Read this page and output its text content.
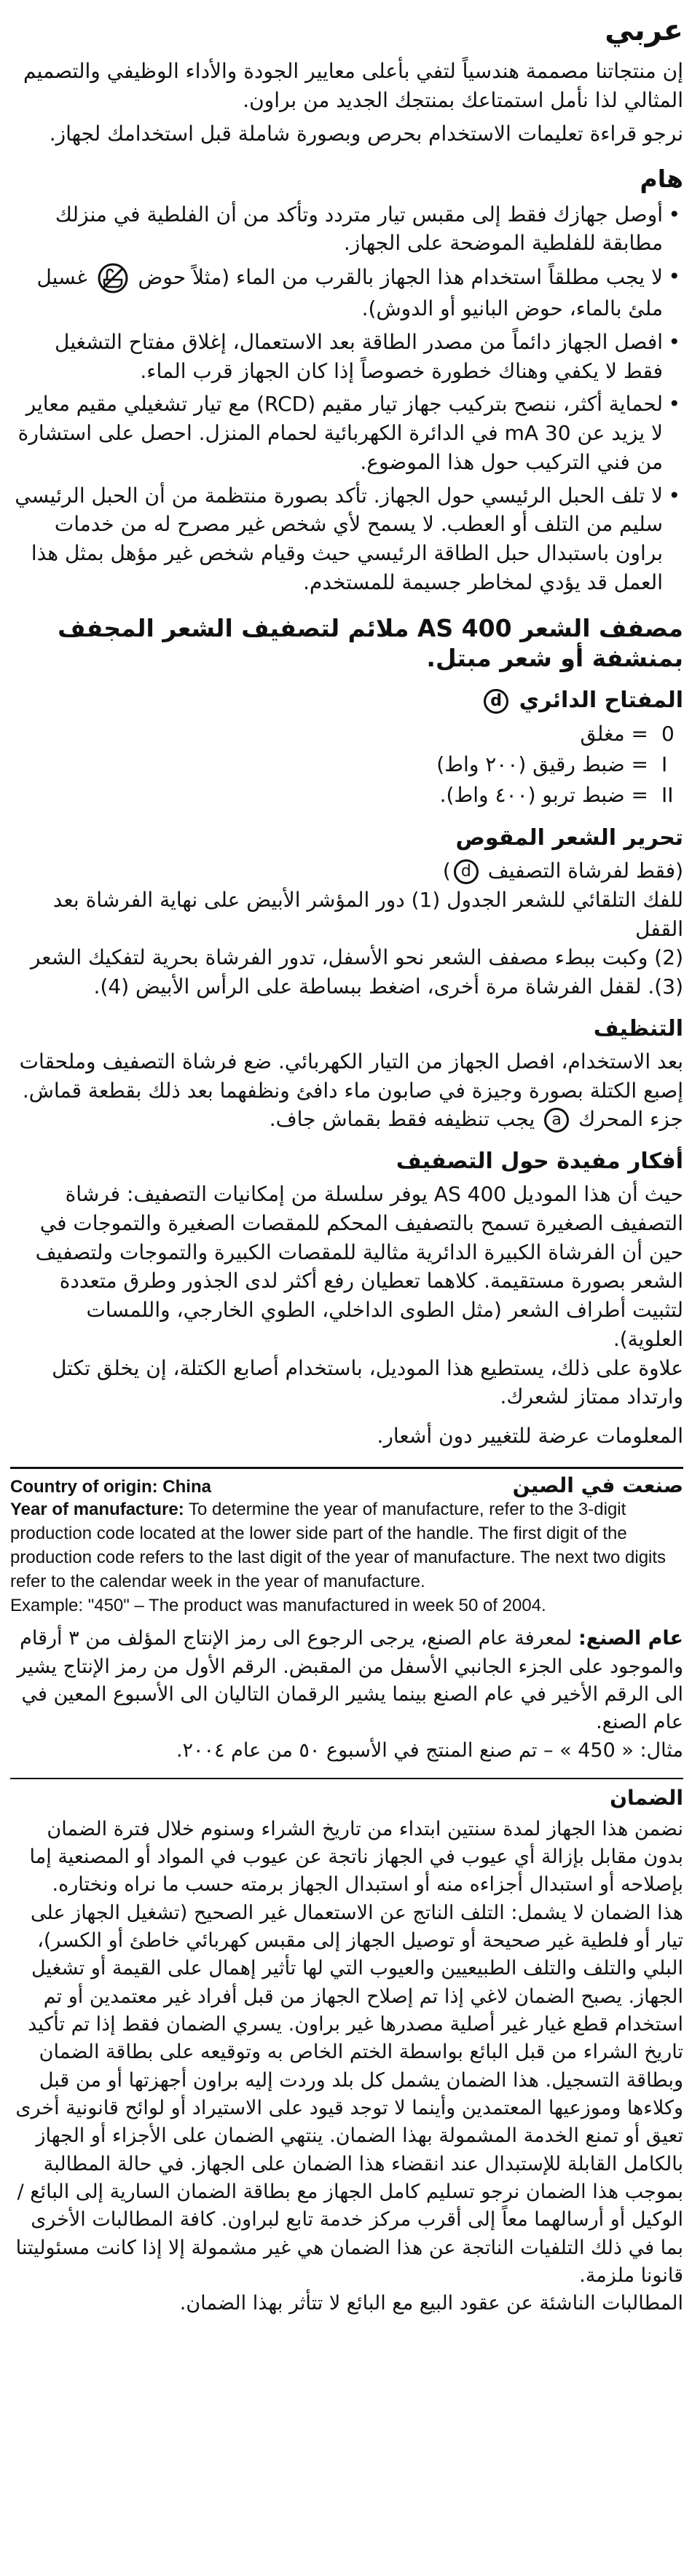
عربي

إن منتجاتنا مصممة هندسياً لتفي بأعلى معايير الجودة والأداء الوظيفي والتصميم المثالي لذا نأمل استمتاعك بمنتجك الجديد من براون.

نرجو قراءة تعليمات الاستخدام بحرص وبصورة شاملة قبل استخدامك لجهاز.

هام
• أوصل جهازك فقط إلى مقبس تيار متردد وتأكد من أن الفلطية في منزلك مطابقة للفلطية الموضحة على الجهاز.
• لا يجب مطلقاً استخدام هذا الجهاز بالقرب من الماء (مثلاً حوض  غسيل ملئ بالماء، حوض البانيو أو الدوش).
• افصل الجهاز دائماً من مصدر الطاقة بعد الاستعمال، إغلاق مفتاح التشغيل فقط لا يكفي وهناك خطورة خصوصاً إذا كان الجهاز قرب الماء.
• لحماية أكثر، ننصح بتركيب جهاز تيار مقيم (RCD) مع تيار تشغيلي مقيم معاير لا يزيد عن 30 mA في الدائرة الكهربائية لحمام المنزل. احصل على استشارة من فني التركيب حول هذا الموضوع.
• لا تلف الحبل الرئيسي حول الجهاز. تأكد بصورة منتظمة من أن الحبل الرئيسي سليم من التلف أو العطب. لا يسمح لأي شخص غير مصرح له من خدمات براون باستبدال حبل الطاقة الرئيسي حيث وقيام شخص غير مؤهل بمثل هذا العمل قد يؤدي لمخاطر جسيمة للمستخدم.
مصفف الشعر AS 400 ملائم لتصفيف الشعر المجفف بمنشفة أو شعر مبتل.
المفتاح الدائري d
0
= مغلق
I
= ضبط رقيق (٢٠٠ واط)
II
= ضبط تربو (٤٠٠ واط).
تحرير الشعر المقوص

(فقط لفرشاة التصفيف d)

للفك التلقائي للشعر الجدول (1) دور المؤشر الأبيض على نهاية الفرشاة بعد القفل

(2) وكبت ببطء مصفف الشعر نحو الأسفل، تدور الفرشاة بحرية لتفكيك الشعر

(3). لقفل الفرشاة مرة أخرى، اضغط ببساطة على الرأس الأبيض (4).

التنظيف

بعد الاستخدام، افصل الجهاز من التيار الكهربائي. ضع فرشاة التصفيف وملحقات إصبع الكتلة بصورة وجيزة في صابون ماء دافئ ونظفهما بعد ذلك بقطعة قماش.

جزء المحرك a يجب تنظيفه فقط بقماش جاف.

أفكار مفيدة حول التصفيف

حيث أن هذا الموديل AS 400 يوفر سلسلة من إمكانيات التصفيف: فرشاة التصفيف الصغيرة تسمح بالتصفيف المحكم للمقصات الصغيرة والتموجات في حين أن الفرشاة الكبيرة الدائرية مثالية للمقصات الكبيرة والتموجات ولتصفيف الشعر بصورة مستقيمة. كلاهما تعطيان رفع أكثر لدى الجذور وطرق متعددة لتثبيت أطراف الشعر (مثل الطوى الداخلي، الطوي الخارجي، واللمسات العلوية).

علاوة على ذلك، يستطيع هذا الموديل، باستخدام أصابع الكتلة، إن يخلق تكتل وارتداد ممتاز لشعرك.

المعلومات عرضة للتغيير دون أشعار.

Country of origin: China	صنعت في الصين
Year of manufacture: To determine the year of manufacture, refer to the 3-digit production code located at the lower side part of the handle. The first digit of the production code refers to the last digit of the year of manufacture. The next two digits refer to the calendar week in the year of manufacture.
Example: "450" – The product was manufactured in week 50 of 2004.
عام الصنع: لمعرفة عام الصنع، يرجى الرجوع الى رمز الإنتاج المؤلف من ٣ أرقام والموجود على الجزء الجانبي الأسفل من المقبض. الرقم الأول من رمز الإنتاج يشير الى الرقم الأخير في عام الصنع بينما يشير الرقمان التاليان الى الأسبوع المعين في عام الصنع.
مثال: « 450 » – تم صنع المنتج في الأسبوع ٥٠ من عام ٢٠٠٤.
الضمان

نضمن هذا الجهاز لمدة سنتين ابتداء من تاريخ الشراء وسنوم خلال فترة الضمان بدون مقابل بإزالة أي عيوب في الجهاز ناتجة عن عيوب في المواد أو المصنعية إما بإصلاحه أو استبدال أجزاءه منه أو استبدال الجهاز برمته حسب ما نراه ونختاره.

هذا الضمان لا يشمل: التلف الناتج عن الاستعمال غير الصحيح (تشغيل الجهاز على تيار أو فلطية غير صحيحة أو توصيل الجهاز إلى مقبس كهربائي خاطئ أو الكسر)، البلي والتلف والتلف الطبيعيين والعيوب التي لها تأثير إهمال على القيمة أو تشغيل الجهاز. يصبح الضمان لاغي إذا تم إصلاح الجهاز من قبل أفراد غير معتمدين أو تم استخدام قطع غيار غير أصلية مصدرها غير براون. يسري الضمان فقط إذا تم تأكيد تاريخ الشراء من قبل البائع بواسطة الختم الخاص به وتوقيعه على بطاقة الضمان وبطاقة التسجيل. هذا الضمان يشمل كل بلد وردت إليه براون أجهزتها أو من قبل وكلاءها وموزعيها المعتمدين وأينما لا توجد قيود على الاستيراد أو لوائح قانونية أخرى تعيق أو تمنع الخدمة المشمولة بهذا الضمان. ينتهي الضمان على الأجزاء أو الجهاز بالكامل القابلة للإستبدال عند انقضاء هذا الضمان على الجهاز. في حالة المطالبة بموجب هذا الضمان نرجو تسليم كامل الجهاز مع بطاقة الضمان السارية إلى البائع / الوكيل أو أرسالهما معاً إلى أقرب مركز خدمة تابع لبراون. كافة المطالبات الأخرى بما في ذلك التلفيات الناتجة عن هذا الضمان هي غير مشمولة إلا إذا كانت مسئوليتنا قانونا ملزمة.

المطالبات الناشئة عن عقود البيع مع البائع لا تتأثر بهذا الضمان.
